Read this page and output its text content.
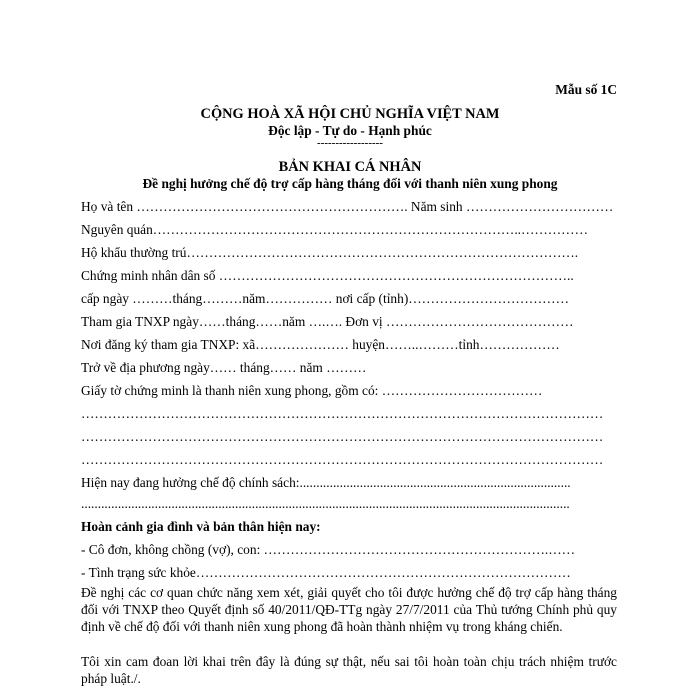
Mẫu số 1C
CỘNG HOÀ XÃ HỘI CHỦ NGHĨA VIỆT NAM
Độc lập - Tự do - Hạnh phúc
------------------
BẢN KHAI CÁ NHÂN
Đề nghị hưởng chế độ trợ cấp hàng tháng đối với thanh niên xung phong
Họ và tên ……………………………………………………. Năm sinh ……………………………
Nguyên quán………………………………………………………………………..……………
Hộ khẩu thường trú…………………………………………………………………………….
Chứng minh nhân dân số ……………………………………………………………………..
cấp ngày ………tháng………năm…………… nơi cấp (tỉnh)………………………………
Tham gia TNXP ngày……tháng……năm ….…. Đơn vị ……………………………………
Nơi đăng ký tham gia TNXP: xã………………… huyện……..………tỉnh………………
Trở về địa phương ngày…… tháng…… năm ………
Giấy tờ chứng minh là thanh niên xung phong, gồm có: ………………………………
………………………………………………………………………………………………………
………………………………………………………………………………………………………
………………………………………………………………………………………………………
Hiện nay đang hưởng chế độ chính sách:.................................................................................
..................................................................................................................................................
Hoàn cảnh gia đình và bản thân hiện nay:
- Cô đơn, không chồng (vợ), con: ……………………………………………………….……
- Tình trạng sức khỏe…………………………………………………………………………
Đề nghị các cơ quan chức năng xem xét, giải quyết cho tôi được hưởng chế độ trợ cấp hàng tháng đối với TNXP theo Quyết định số 40/2011/QĐ-TTg ngày 27/7/2011 của Thủ tướng Chính phủ quy định về chế độ đối với thanh niên xung phong đã hoàn thành nhiệm vụ trong kháng chiến.
Tôi xin cam đoan lời khai trên đây là đúng sự thật, nếu sai tôi hoàn toàn chịu trách nhiệm trước pháp luật./.
